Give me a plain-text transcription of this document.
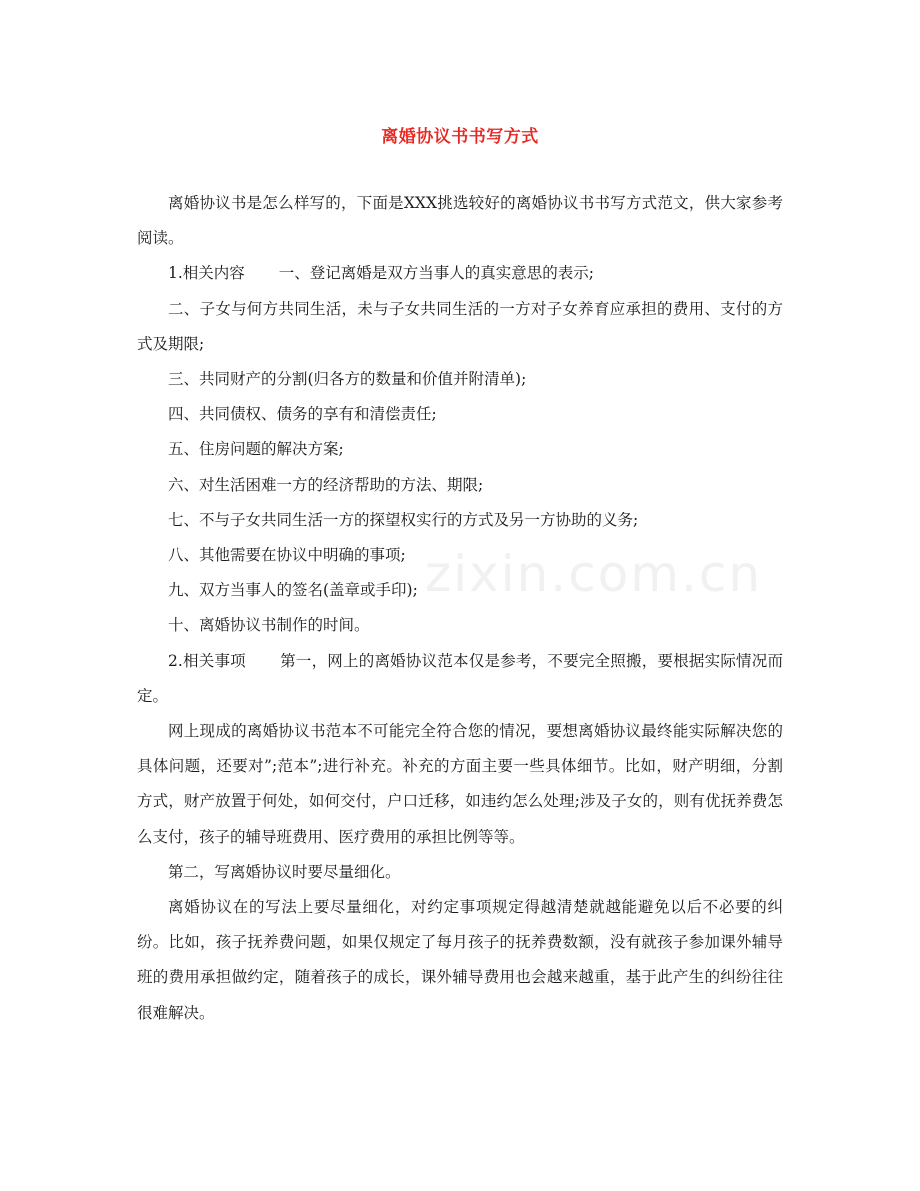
离婚协议书书写方式

离婚协议书是怎么样写的，下面是XXX挑选较好的离婚协议书书写方式范文，供大家参考阅读。

1.相关内容 一、登记离婚是双方当事人的真实意思的表示;

二、子女与何方共同生活，未与子女共同生活的一方对子女养育应承担的费用、支付的方式及期限;

三、共同财产的分割(归各方的数量和价值并附清单);

四、共同债权、债务的享有和清偿责任;

五、住房问题的解决方案;

六、对生活困难一方的经济帮助的方法、期限;

七、不与子女共同生活一方的探望权实行的方式及另一方协助的义务;

八、其他需要在协议中明确的事项;

九、双方当事人的签名(盖章或手印);

十、离婚协议书制作的时间。

2.相关事项 第一，网上的离婚协议范本仅是参考，不要完全照搬，要根据实际情况而定。

网上现成的离婚协议书范本不可能完全符合您的情况，要想离婚协议最终能实际解决您的具体问题，还要对”;范本”;进行补充。补充的方面主要一些具体细节。比如，财产明细，分割方式，财产放置于何处，如何交付，户口迁移，如违约怎么处理;涉及子女的，则有优抚养费怎么支付，孩子的辅导班费用、医疗费用的承担比例等等。

第二，写离婚协议时要尽量细化。

离婚协议在的写法上要尽量细化，对约定事项规定得越清楚就越能避免以后不必要的纠纷。比如，孩子抚养费问题，如果仅规定了每月孩子的抚养费数额，没有就孩子参加课外辅导班的费用承担做约定，随着孩子的成长，课外辅导费用也会越来越重，基于此产生的纠纷往往很难解决。

zixin.com.cn
